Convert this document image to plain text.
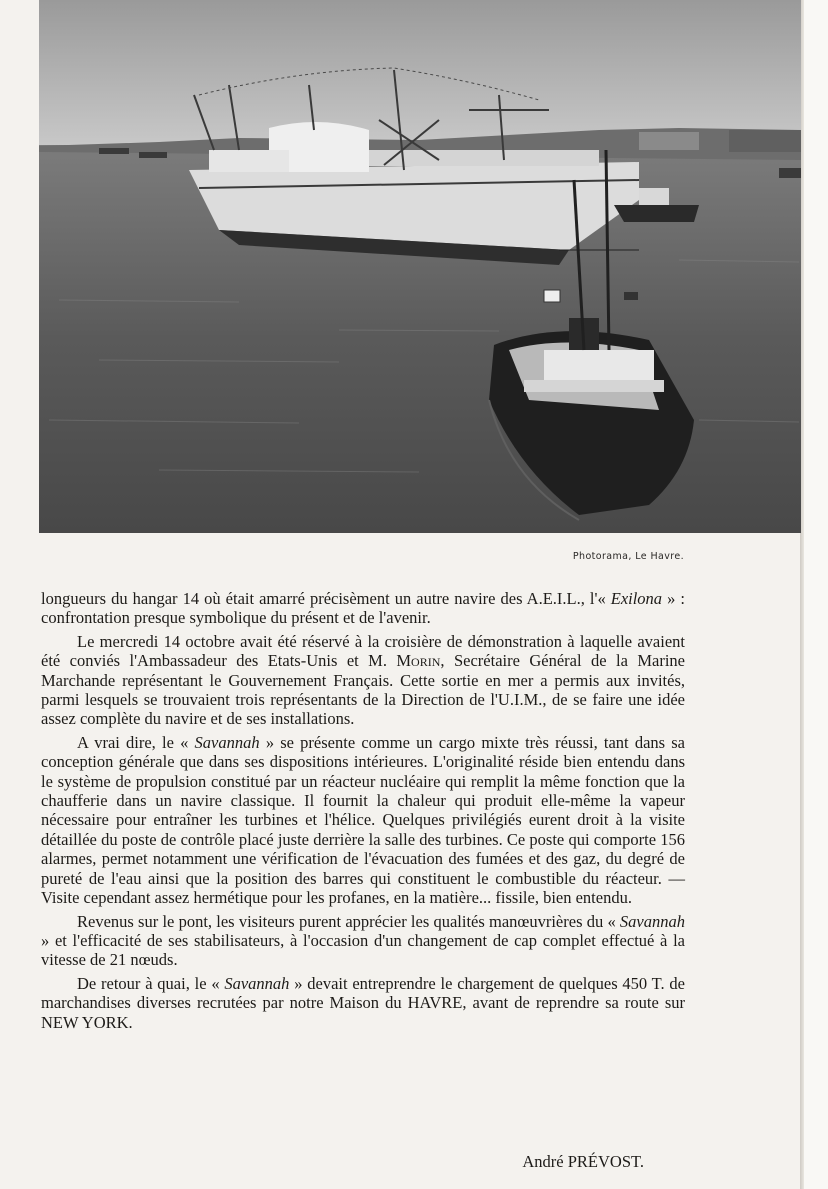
Photorama, Le Havre.

longueurs du hangar 14 où était amarré précisèment un autre navire des A.E.I.L., l'« Exilona » : confrontation presque symbolique du présent et de l'avenir.

Le mercredi 14 octobre avait été réservé à la croisière de démonstration à laquelle avaient été conviés l'Ambassadeur des Etats-Unis et M. Morin, Secrétaire Général de la Marine Marchande représentant le Gouvernement Français. Cette sortie en mer a permis aux invités, parmi lesquels se trouvaient trois représentants de la Direction de l'U.I.M., de se faire une idée assez complète du navire et de ses installations.

A vrai dire, le « Savannah » se présente comme un cargo mixte très réussi, tant dans sa conception générale que dans ses dispositions intérieures. L'originalité réside bien entendu dans le système de propulsion constitué par un réacteur nucléaire qui remplit la même fonction que la chaufferie dans un navire classique. Il fournit la chaleur qui produit elle-même la vapeur nécessaire pour entraîner les turbines et l'hélice. Quelques privilégiés eurent droit à la visite détaillée du poste de contrôle placé juste derrière la salle des turbines. Ce poste qui comporte 156 alarmes, permet notamment une vérification de l'évacuation des fumées et des gaz, du degré de pureté de l'eau ainsi que la position des barres qui constituent le combustible du réacteur. — Visite cependant assez hermétique pour les profanes, en la matière... fissile, bien entendu.

Revenus sur le pont, les visiteurs purent apprécier les qualités manœuvrières du « Savannah » et l'efficacité de ses stabilisateurs, à l'occasion d'un changement de cap complet effectué à la vitesse de 21 nœuds.

De retour à quai, le « Savannah » devait entreprendre le chargement de quelques 450 T. de marchandises diverses recrutées par notre Maison du HAVRE, avant de reprendre sa route sur NEW YORK.

André PRÉVOST.
